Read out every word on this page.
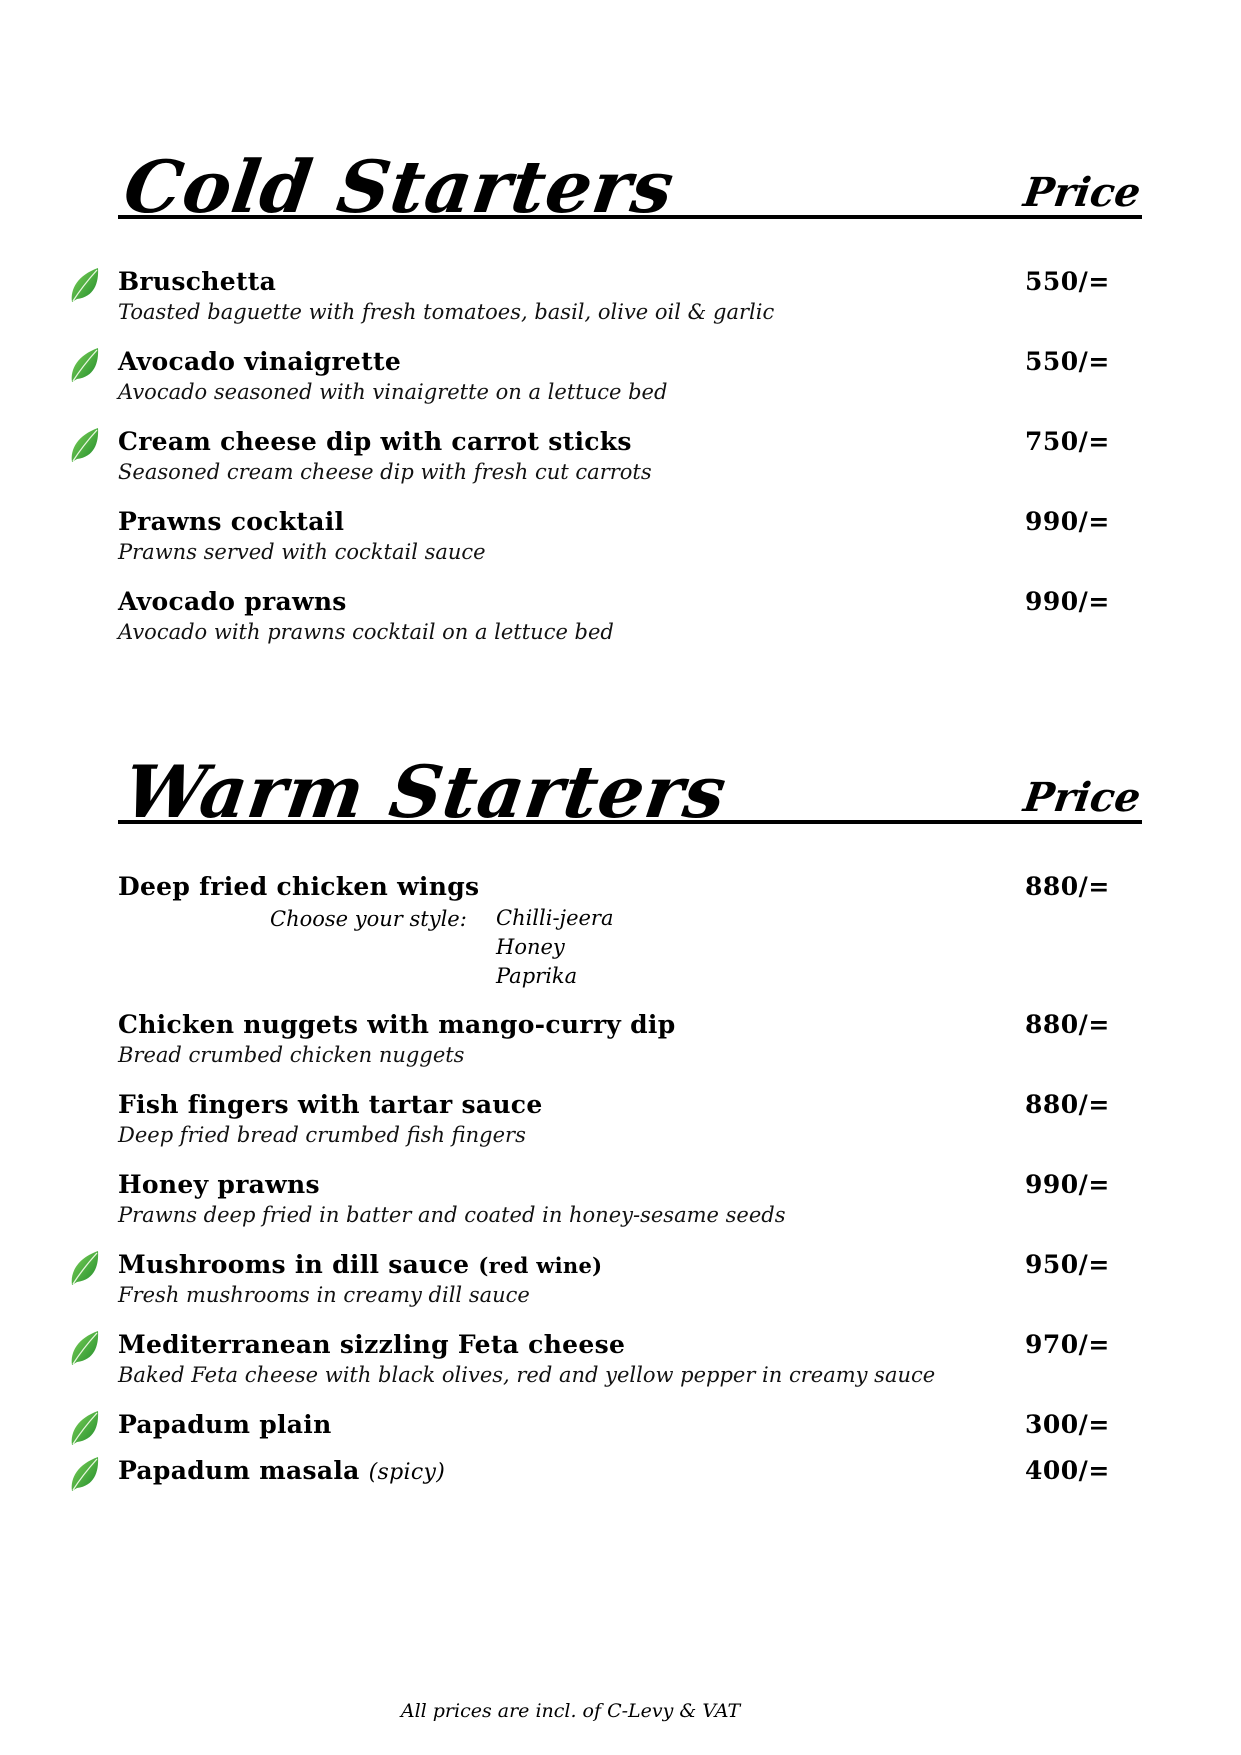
Cold Starters	Price
Bruschetta	550/=
Toasted baguette with fresh tomatoes, basil, olive oil & garlic
Avocado vinaigrette	550/=
Avocado seasoned with vinaigrette on a lettuce bed
Cream cheese dip with carrot sticks	750/=
Seasoned cream cheese dip with fresh cut carrots
Prawns cocktail	990/=
Prawns served with cocktail sauce
Avocado prawns	990/=
Avocado with prawns cocktail on a lettuce bed
Warm Starters	Price
Deep fried chicken wings	880/=
Choose your style: Chilli-jeera
Honey
Paprika
Chicken nuggets with mango-curry dip	880/=
Bread crumbed chicken nuggets
Fish fingers with tartar sauce	880/=
Deep fried bread crumbed fish fingers
Honey prawns	990/=
Prawns deep fried in batter and coated in honey-sesame seeds
Mushrooms in dill sauce (red wine)	950/=
Fresh mushrooms in creamy dill sauce
Mediterranean sizzling Feta cheese	970/=
Baked Feta cheese with black olives, red and yellow pepper in creamy sauce
Papadum plain	300/=
Papadum masala (spicy)	400/=
All prices are incl. of C-Levy & VAT
